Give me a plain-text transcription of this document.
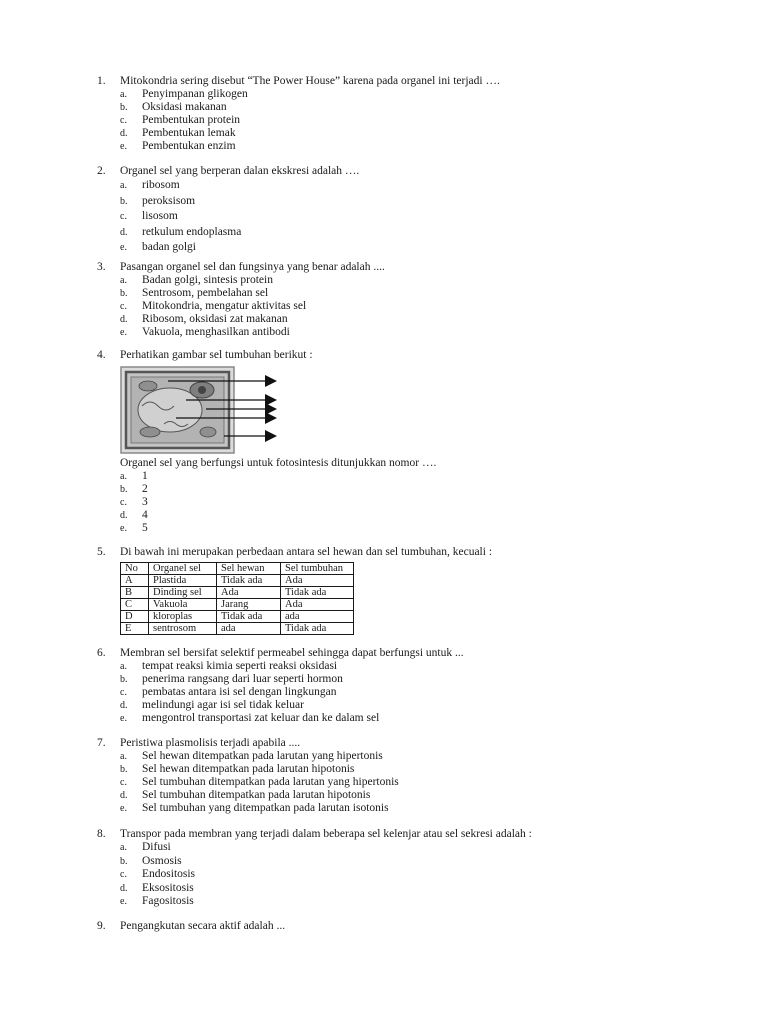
1.	Mitokondria sering disebut “The Power House” karena pada organel ini terjadi ….
a.	Penyimpanan glikogen
b.	Oksidasi makanan
c.	Pembentukan protein
d.	Pembentukan lemak
e.	Pembentukan enzim
2.	Organel sel yang berperan dalan ekskresi adalah ….
a.	ribosom
b.	peroksisom
c.	lisosom
d.	retkulum endoplasma
e.	badan golgi
3.	Pasangan organel sel dan fungsinya yang benar adalah ....
a.	Badan golgi, sintesis protein
b.	Sentrosom, pembelahan sel
c.	Mitokondria, mengatur aktivitas sel
d.	Ribosom, oksidasi zat makanan
e.	Vakuola, menghasilkan antibodi
4.	Perhatikan gambar sel tumbuhan berikut :
Organel sel yang berfungsi untuk fotosintesis ditunjukkan nomor ….
a.	1
b.	2
c.	3
d.	4
e.	5
5.	Di bawah ini merupakan perbedaan antara sel hewan dan sel tumbuhan, kecuali :
No	Organel sel	Sel hewan	Sel tumbuhan
A	Plastida	Tidak ada	Ada
B	Dinding sel	Ada	Tidak ada
C	Vakuola	Jarang	Ada
D	kloroplas	Tidak ada	ada
E	sentrosom	ada	Tidak ada
6.	Membran sel bersifat selektif permeabel sehingga dapat berfungsi untuk ...
a.	tempat reaksi kimia seperti reaksi oksidasi
b.	penerima rangsang dari luar seperti hormon
c.	pembatas antara isi sel dengan lingkungan
d.	melindungi agar isi sel tidak keluar
e.	mengontrol transportasi zat keluar dan ke dalam sel
7.	Peristiwa plasmolisis terjadi apabila ....
a.	Sel hewan ditempatkan pada larutan yang hipertonis
b.	Sel hewan ditempatkan pada larutan hipotonis
c.	Sel tumbuhan ditempatkan pada larutan yang hipertonis
d.	Sel tumbuhan ditempatkan pada larutan hipotonis
e.	Sel tumbuhan yang ditempatkan pada larutan isotonis
8.	Transpor pada membran yang terjadi dalam beberapa sel kelenjar atau sel sekresi adalah :
a.	Difusi
b.	Osmosis
c.	Endositosis
d.	Eksositosis
e.	Fagositosis
9.	Pengangkutan secara aktif adalah ...
